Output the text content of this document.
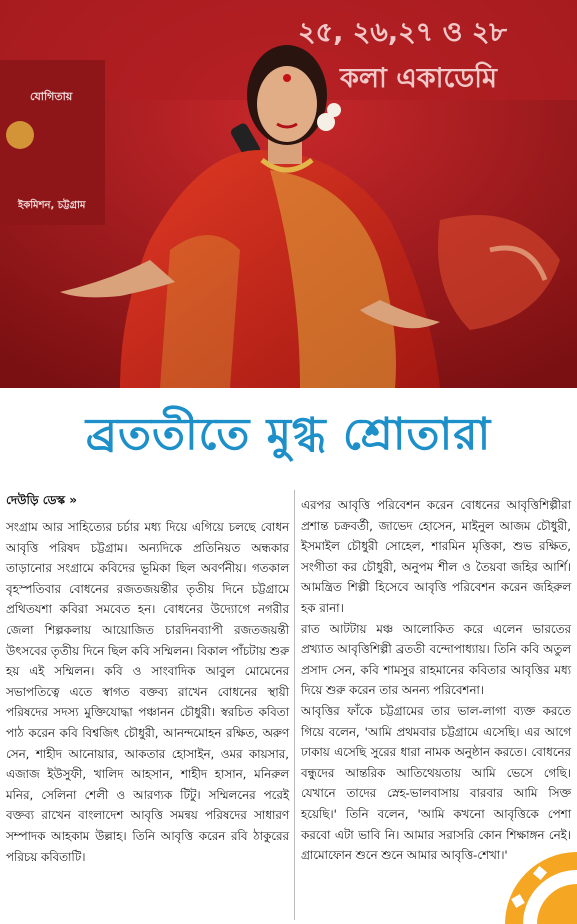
২৫, ২৬,২৭ ও ২৮
কলা একাডেমি
যোগিতায়
ইকমিশন, চট্টগ্রাম
ব্রততীতে মুগ্ধ শ্রোতারা
দেউড়ি ডেস্ক »

সংগ্রাম আর সাহিত্যের চর্চার মধ্য দিয়ে এগিয়ে চলছে বোধন আবৃত্তি পরিষদ চট্টগ্রাম। অন্যদিকে প্রতিনিয়ত অন্ধকার তাড়ানোর সংগ্রামে কবিদের ভূমিকা ছিল অবর্ণনীয়। গতকাল বৃহস্পতিবার বোধনের রজতজয়ন্তীর তৃতীয় দিনে চট্টগ্রামে প্রথিতযশা কবিরা সমবেত হন। বোধনের উদ্যোগে নগরীর জেলা শিল্পকলায় আয়োজিত চারদিনব্যাপী রজতজয়ন্তী উৎসবের তৃতীয় দিনে ছিল কবি সম্মিলন। বিকাল পাঁচটায় শুরু হয় এই সম্মিলন। কবি ও সাংবাদিক আবুল মোমেনের সভাপতিত্বে এতে স্বাগত বক্তব্য রাখেন বোধনের স্থায়ী পরিষদের সদস্য মুক্তিযোদ্ধা পঞ্চানন চৌধুরী। স্বরচিত কবিতা পাঠ করেন কবি বিশ্বজিৎ চৌধুরী, আনন্দমোহন রক্ষিত, অরুণ সেন, শাহীদ আনোয়ার, আকতার হোসাইন, ওমর কায়সার, এজাজ ইউসুফী, খালিদ আহসান, শাহীদ হাসান, মনিরুল মনির, সেলিনা শেলী ও আরণ্যক টিটু। সম্মিলনের পরেই বক্তব্য রাখেন বাংলাদেশ আবৃত্তি সমন্বয় পরিষদের সাধারণ সম্পাদক আহকাম উল্লাহ। তিনি আবৃত্তি করেন রবি ঠাকুরের পরিচয় কবিতাটি।

এরপর আবৃত্তি পরিবেশন করেন বোধনের আবৃত্তিশিল্পীরা প্রশান্ত চক্রবর্তী, জাভেদ হোসেন, মাইনুল আজম চৌধুরী, ইসমাইল চৌধুরী সোহেল, শারমিন মৃত্তিকা, শুভ রক্ষিত, সংগীতা কর চৌধুরী, অনুপম শীল ও তৈয়বা জহির আর্শি। আমন্ত্রিত শিল্পী হিসেবে আবৃত্তি পরিবেশন করেন জহিরুল হক রানা।

রাত আটটায় মঞ্চ আলোকিত করে এলেন ভারতের প্রখ্যাত আবৃত্তিশিল্পী ব্রততী বন্দোপাধ্যায়। তিনি কবি অতুল প্রসাদ সেন, কবি শামসুর রাহমানের কবিতার আবৃত্তির মধ্য দিয়ে শুরু করেন তার অনন্য পরিবেশনা।

আবৃত্তির ফাঁকে চট্টগ্রামের তার ভাল-লাগা ব্যক্ত করতে গিয়ে বলেন, 'আমি প্রথমবার চট্টগ্রামে এসেছি। এর আগে ঢাকায় এসেছি সুরের ধারা নামক অনুষ্ঠান করতে। বোধনের বন্ধুদের আন্তরিক আতিথেয়তায় আমি ভেসে গেছি। যেখানে তাদের স্নেহ-ভালবাসায় বারবার আমি সিক্ত হয়েছি।' তিনি বলেন, 'আমি কখনো আবৃত্তিকে পেশা করবো এটা ভাবি নি। আমার সরাসরি কোন শিক্ষাঙ্গন নেই। গ্রামোফোন শুনে শুনে আমার আবৃত্তি-শেখা।'
